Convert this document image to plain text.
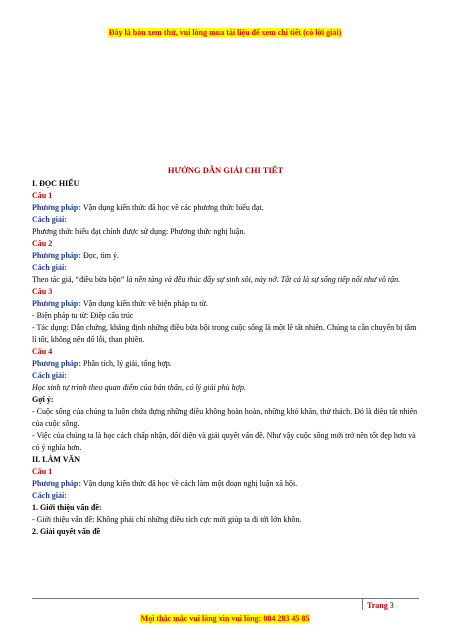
Đây là bản xem thử, vui lòng mua tài liệu để xem chi tiết (có lời giải)

HƯỚNG DẪN GIẢI CHI TIẾT

I. ĐỌC HIỂU

Câu 1

Phương pháp: Vận dụng kiến thức đã học về các phương thức biểu đạt.

Cách giải:

Phương thức biểu đạt chính được sử dụng: Phương thức nghị luận.

Câu 2

Phương pháp: Đọc, tìm ý.

Cách giải:

Theo tác giả, “điều bừa bộn” là nền tảng và đều thúc đẩy sự sinh sôi, nảy nở. Tất cả là sự sống tiếp nối như vô tận.

Câu 3

Phương pháp: Vận dụng kiến thức về biện pháp tu từ.

- Biện pháp tu từ: Điệp cấu trúc

- Tác dụng: Dẫn chứng, khẳng định những điều bừa bội trong cuộc sống là một lẽ tất nhiên. Chúng ta cần chuyển bị tâm lí tốt, không nên đổ lỗi, than phiền.

Câu 4

Phương pháp: Phân tích, lý giải, tổng hợp.

Cách giải:

Học sinh tự trình theo quan điểm của bản thân, có lý giải phù hợp.

Gợi ý:

- Cuộc sống của chúng ta luôn chứa đựng những điều không hoàn hoàn, những khó khăn, thử thách. Đó là điều tất nhiên của cuộc sống.

- Việc của chúng ta là học cách chấp nhận, đối diện và giải quyết vấn đề. Như vậy cuộc sống mới trở nên tốt đẹp hơn và có ý nghĩa hơn.

II. LÀM VĂN

Câu 1

Phương pháp: Vận dụng kiến thức đã học về cách làm một đoạn nghị luận xã hội.

Cách giải:

1. Giới thiệu vấn đề:

- Giới thiệu vấn đề: Không phải chỉ những điều tích cực mới giúp ta đi tới lớn khôn.

2. Giải quyết vấn đề

Trang 3
Mọi thắc mắc vui lòng xin vui lòng: 084 283 45 85
